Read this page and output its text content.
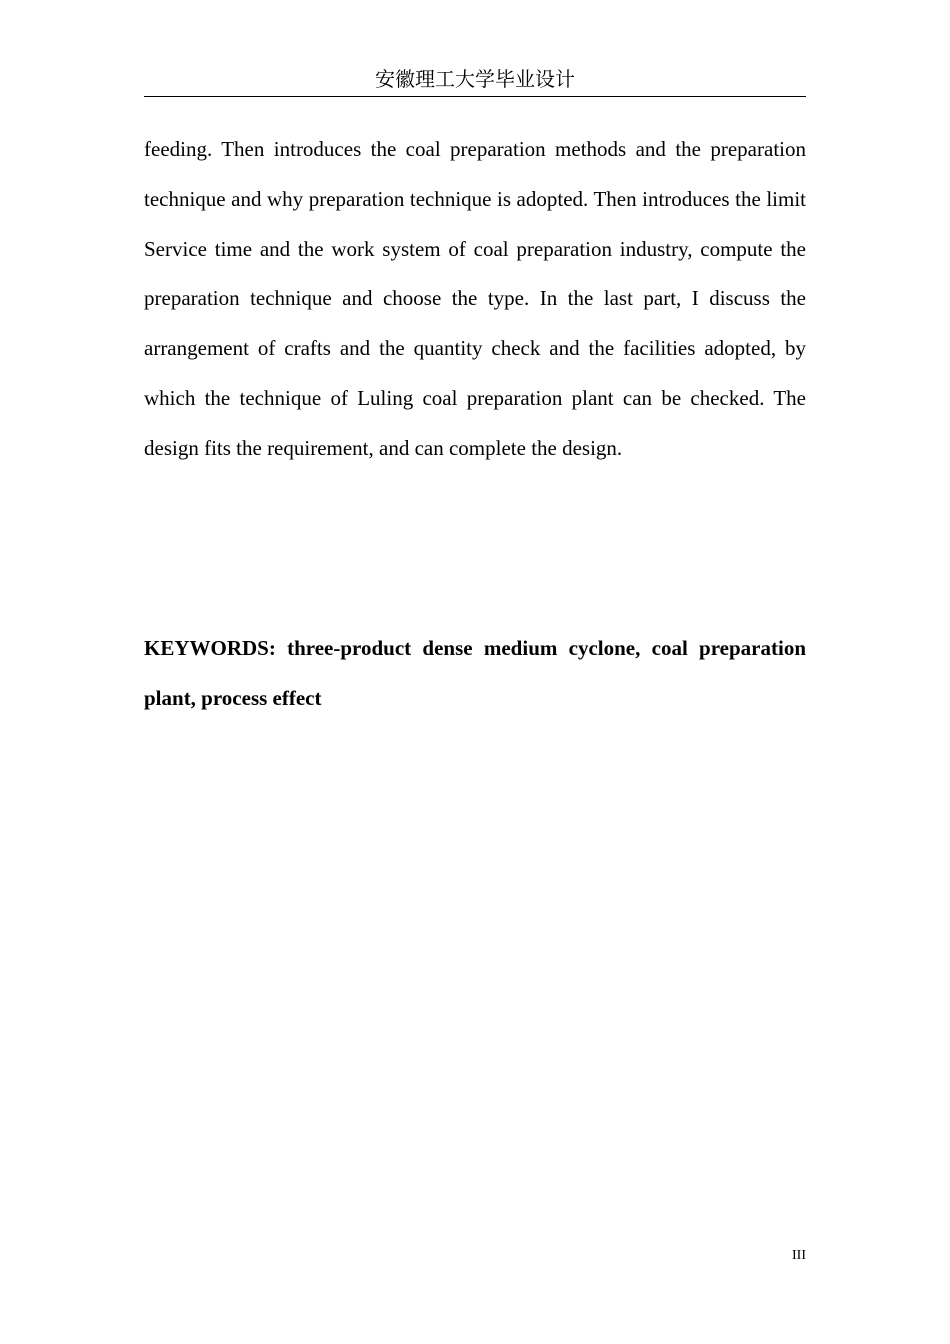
安徽理工大学毕业设计

feeding. Then introduces the coal preparation methods and the preparation technique and why preparation technique is adopted. Then introduces the limit Service time and the work system of coal preparation industry, compute the preparation technique and choose the type. In the last part, I discuss the arrangement of crafts and the quantity check and the facilities adopted, by which the technique of Luling coal preparation plant can be checked. The design fits the requirement, and can complete the design.

KEYWORDS: three-product dense medium cyclone, coal preparation plant, process effect

III
